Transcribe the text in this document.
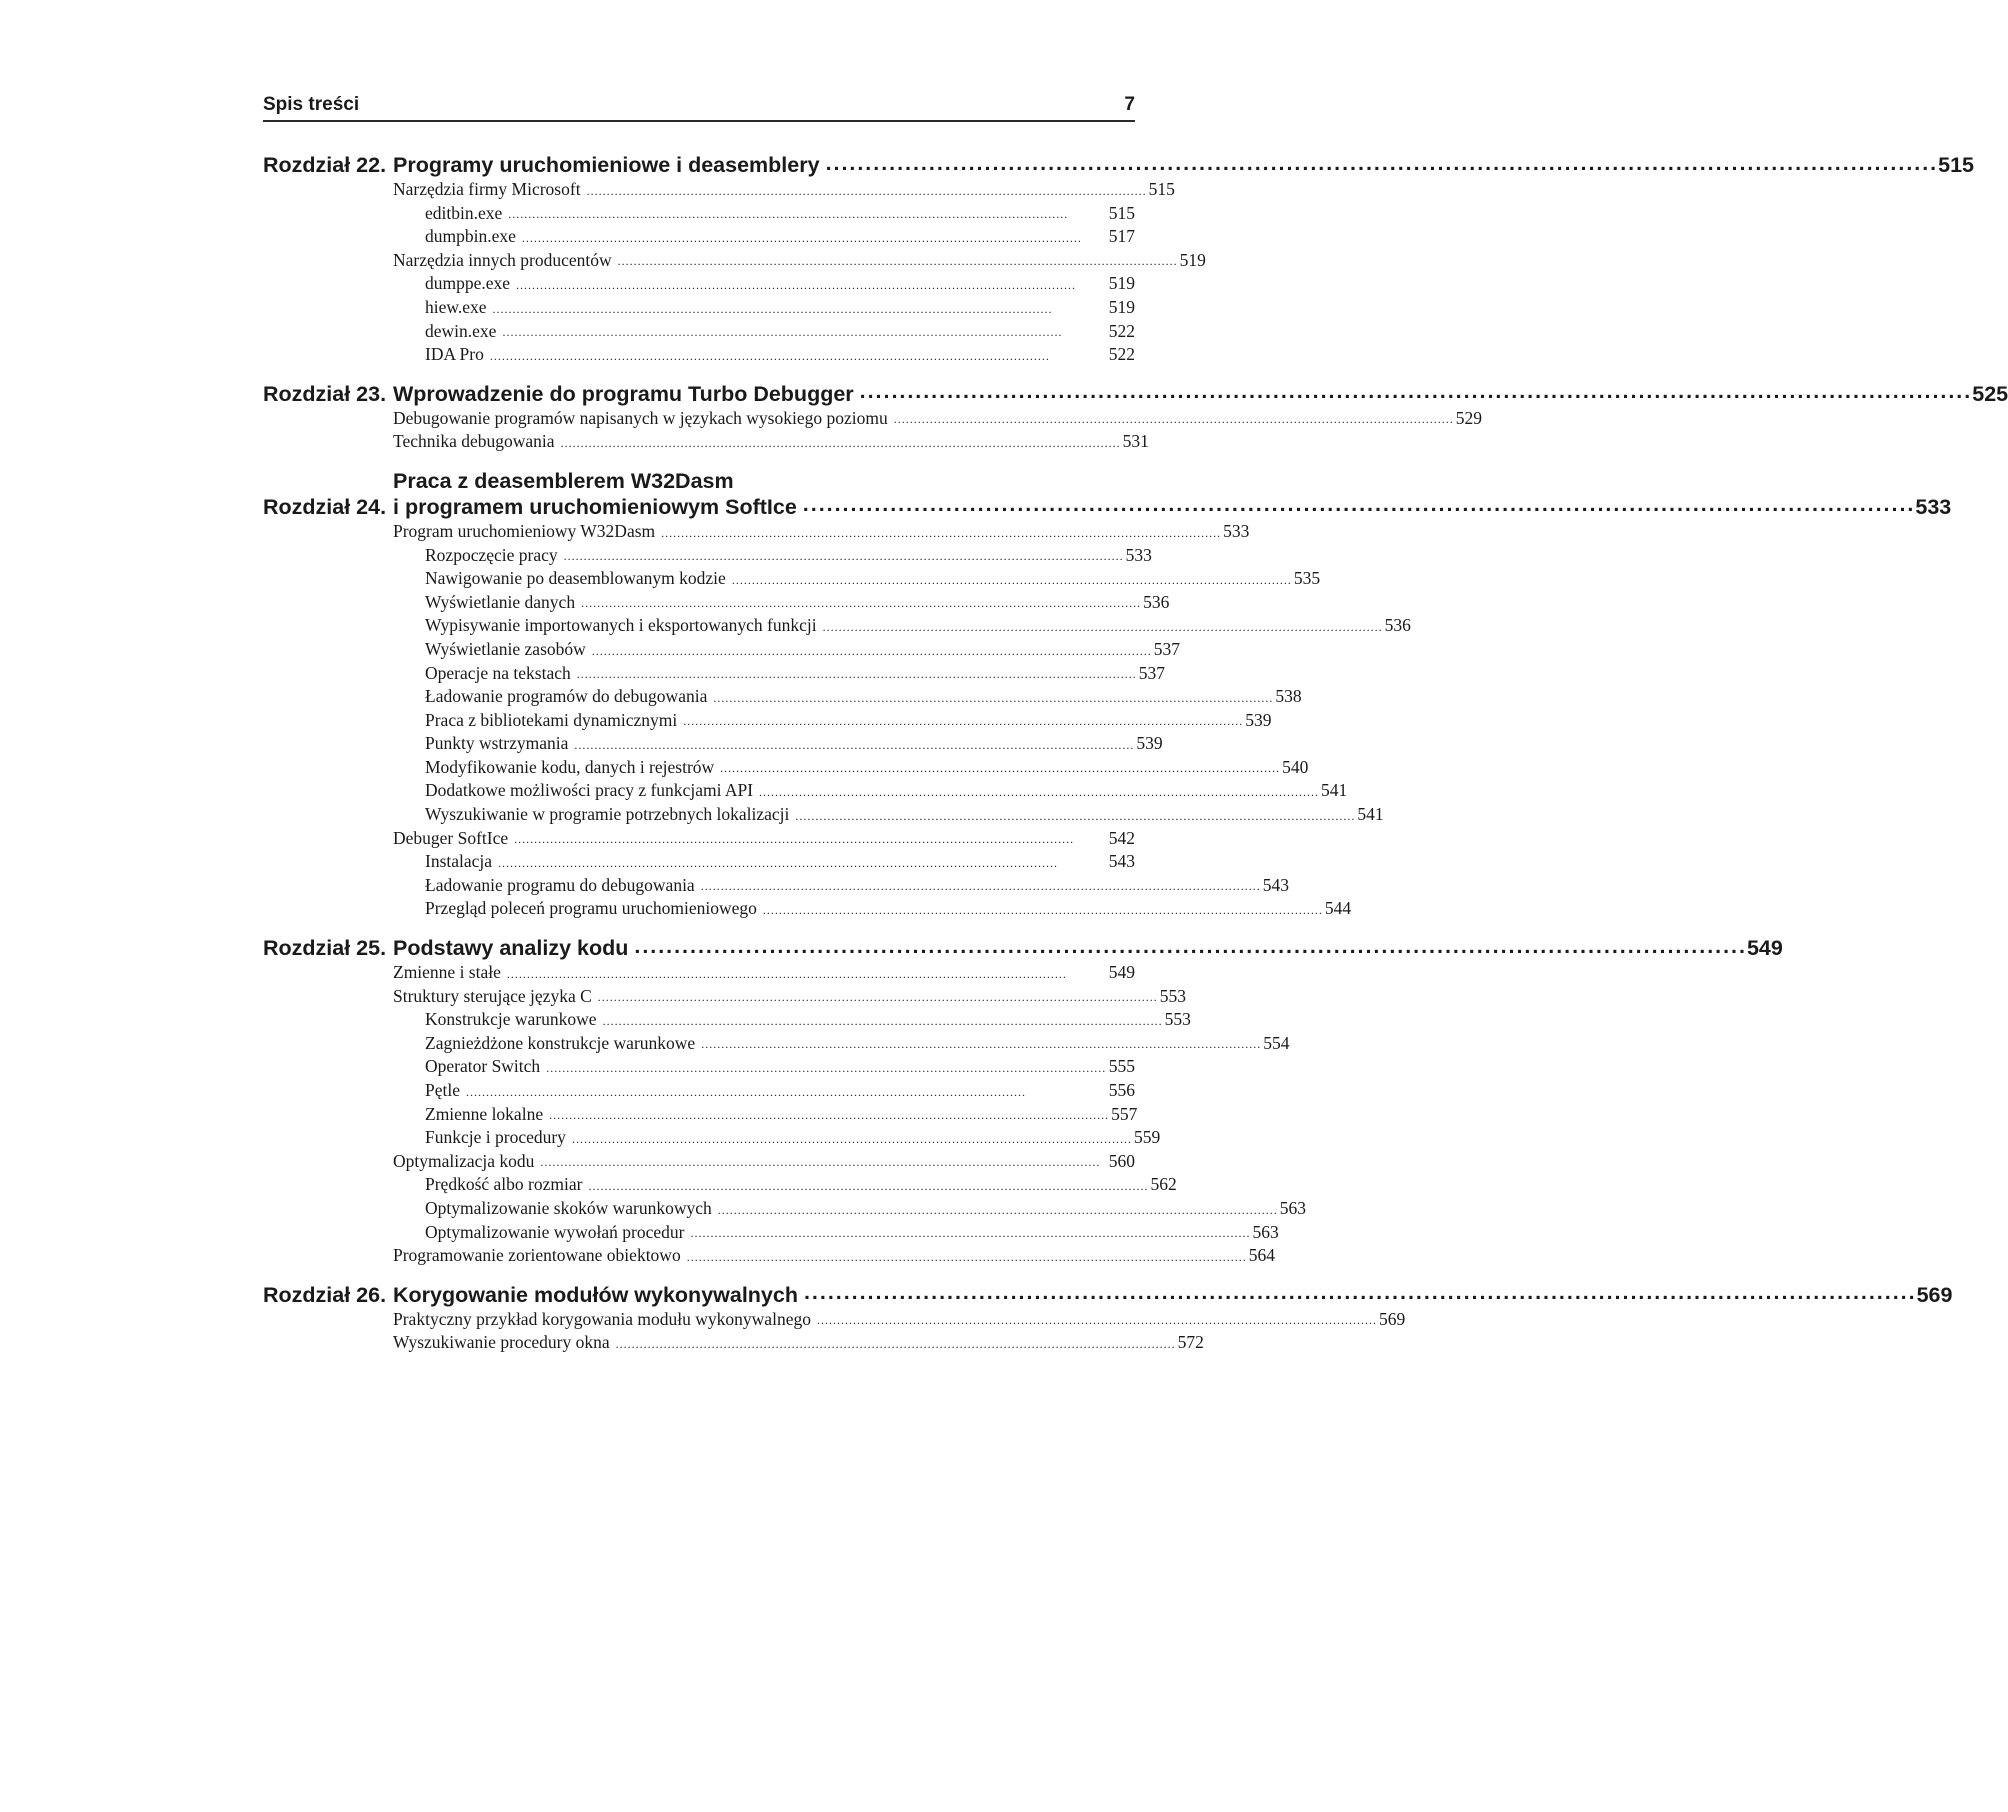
Spis treści	7
Rozdział 22. Programy uruchomieniowe i deasemblery . . .	515
Narzędzia firmy Microsoft . . .	515
editbin.exe . . .	515
dumpbin.exe . . .	517
Narzędzia innych producentów . . .	519
dumppe.exe . . .	519
hiew.exe . . .	519
dewin.exe . . .	522
IDA Pro . . .	522
Rozdział 23. Wprowadzenie do programu Turbo Debugger . . .	525
Debugowanie programów napisanych w językach wysokiego poziomu . . .	529
Technika debugowania . . .	531
Rozdział 24.
Praca z deasemblerem W32Dasm
i programem uruchomieniowym SoftIce . . .	533
Program uruchomieniowy W32Dasm . . .	533
Rozpoczęcie pracy . . .	533
Nawigowanie po deasemblowanym kodzie . . .	535
Wyświetlanie danych . . .	536
Wypisywanie importowanych i eksportowanych funkcji . . .	536
Wyświetlanie zasobów . . .	537
Operacje na tekstach . . .	537
Ładowanie programów do debugowania . . .	538
Praca z bibliotekami dynamicznymi . . .	539
Punkty wstrzymania . . .	539
Modyfikowanie kodu, danych i rejestrów . . .	540
Dodatkowe możliwości pracy z funkcjami API . . .	541
Wyszukiwanie w programie potrzebnych lokalizacji . . .	541
Debuger SoftIce . . .	542
Instalacja . . .	543
Ładowanie programu do debugowania . . .	543
Przegląd poleceń programu uruchomieniowego . . .	544
Rozdział 25. Podstawy analizy kodu . . .	549
Zmienne i stałe . . .	549
Struktury sterujące języka C . . .	553
Konstrukcje warunkowe . . .	553
Zagnieżdżone konstrukcje warunkowe . . .	554
Operator Switch . . .	555
Pętle . . .	556
Zmienne lokalne . . .	557
Funkcje i procedury . . .	559
Optymalizacja kodu . . .	560
Prędkość albo rozmiar . . .	562
Optymalizowanie skoków warunkowych . . .	563
Optymalizowanie wywołań procedur . . .	563
Programowanie zorientowane obiektowo . . .	564
Rozdział 26. Korygowanie modułów wykonywalnych . . .	569
Praktyczny przykład korygowania modułu wykonywalnego . . .	569
Wyszukiwanie procedury okna . . .	572
